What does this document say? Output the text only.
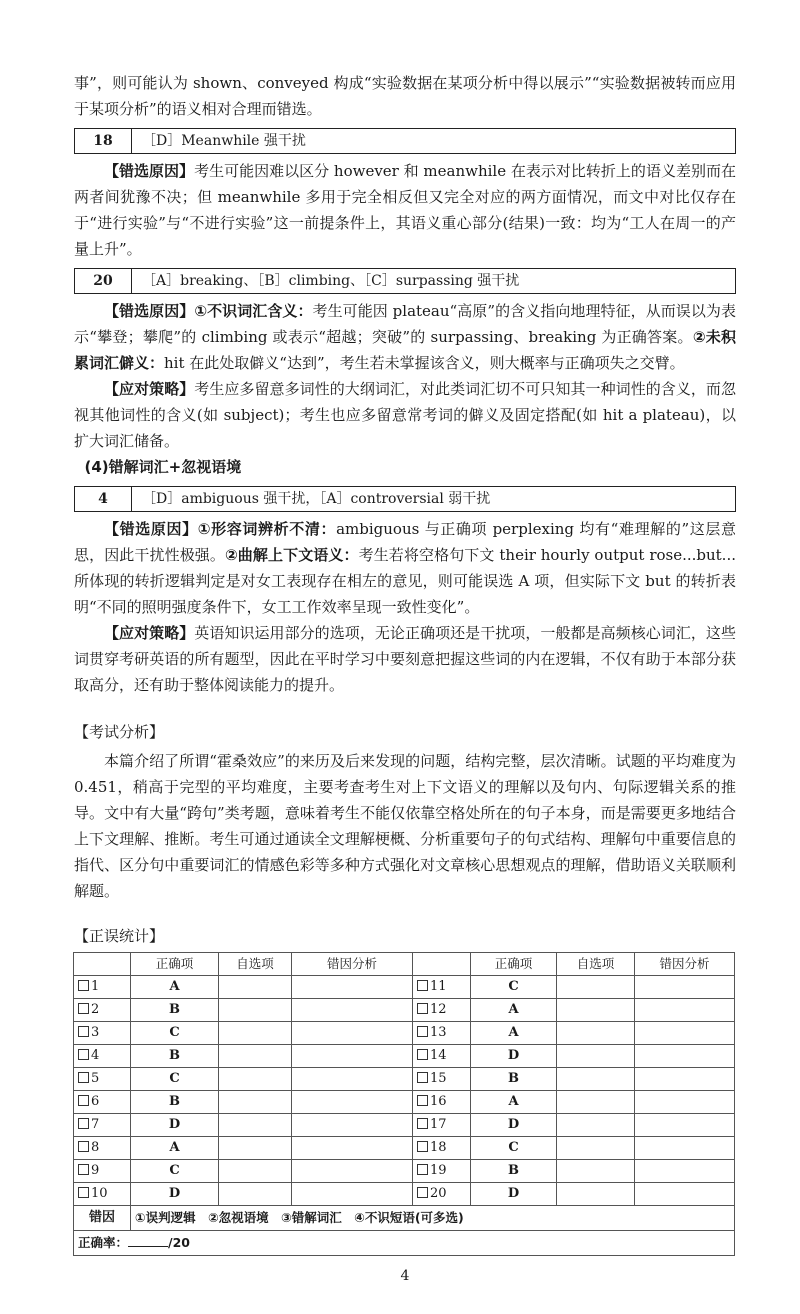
事”，则可能认为 shown、conveyed 构成“实验数据在某项分析中得以展示”“实验数据被转而应用于某项分析”的语义相对合理而错选。

18	［D］Meanwhile 强干扰

【错选原因】考生可能因难以区分 however 和 meanwhile 在表示对比转折上的语义差别而在两者间犹豫不决；但 meanwhile 多用于完全相反但又完全对应的两方面情况，而文中对比仅存在于“进行实验”与“不进行实验”这一前提条件上，其语义重心部分(结果)一致：均为“工人在周一的产量上升”。

20	［A］breaking、［B］climbing、［C］surpassing 强干扰

【错选原因】①不识词汇含义：考生可能因 plateau“高原”的含义指向地理特征，从而误以为表示“攀登；攀爬”的 climbing 或表示“超越；突破”的 surpassing、breaking 为正确答案。②未积累词汇僻义：hit 在此处取僻义“达到”，考生若未掌握该含义，则大概率与正确项失之交臂。

【应对策略】考生应多留意多词性的大纲词汇，对此类词汇切不可只知其一种词性的含义，而忽视其他词性的含义(如 subject)；考生也应多留意常考词的僻义及固定搭配(如 hit a plateau)，以扩大词汇储备。

(4)错解词汇+忽视语境

4	［D］ambiguous 强干扰，［A］controversial 弱干扰

【错选原因】①形容词辨析不清：ambiguous 与正确项 perplexing 均有“难理解的”这层意思，因此干扰性极强。②曲解上下文语义：考生若将空格句下文 their hourly output rose...but...所体现的转折逻辑判定是对女工表现存在相左的意见，则可能误选 A 项，但实际下文 but 的转折表明“不同的照明强度条件下，女工工作效率呈现一致性变化”。

【应对策略】英语知识运用部分的选项，无论正确项还是干扰项，一般都是高频核心词汇，这些词贯穿考研英语的所有题型，因此在平时学习中要刻意把握这些词的内在逻辑，不仅有助于本部分获取高分，还有助于整体阅读能力的提升。

【考试分析】

本篇介绍了所谓“霍桑效应”的来历及后来发现的问题，结构完整，层次清晰。试题的平均难度为 0.451，稍高于完型的平均难度，主要考查考生对上下文语义的理解以及句内、句际逻辑关系的推导。文中有大量“跨句”类考题，意味着考生不能仅依靠空格处所在的句子本身，而是需要更多地结合上下文理解、推断。考生可通过通读全文理解梗概、分析重要句子的句式结构、理解句中重要信息的指代、区分句中重要词汇的情感色彩等多种方式强化对文章核心思想观点的理解，借助语义关联顺利解题。

【正误统计】
	正确项	自选项	错因分析		正确项	自选项	错因分析
1	A			11	C		
2	B			12	A		
3	C			13	A		
4	B			14	D		
5	C			15	B		
6	B			16	A		
7	D			17	D		
8	A			18	C		
9	C			19	B		
10	D			20	D		
错因	①误判逻辑　②忽视语境　③错解词汇　④不识短语(可多选)						
正确率： /20							
4
